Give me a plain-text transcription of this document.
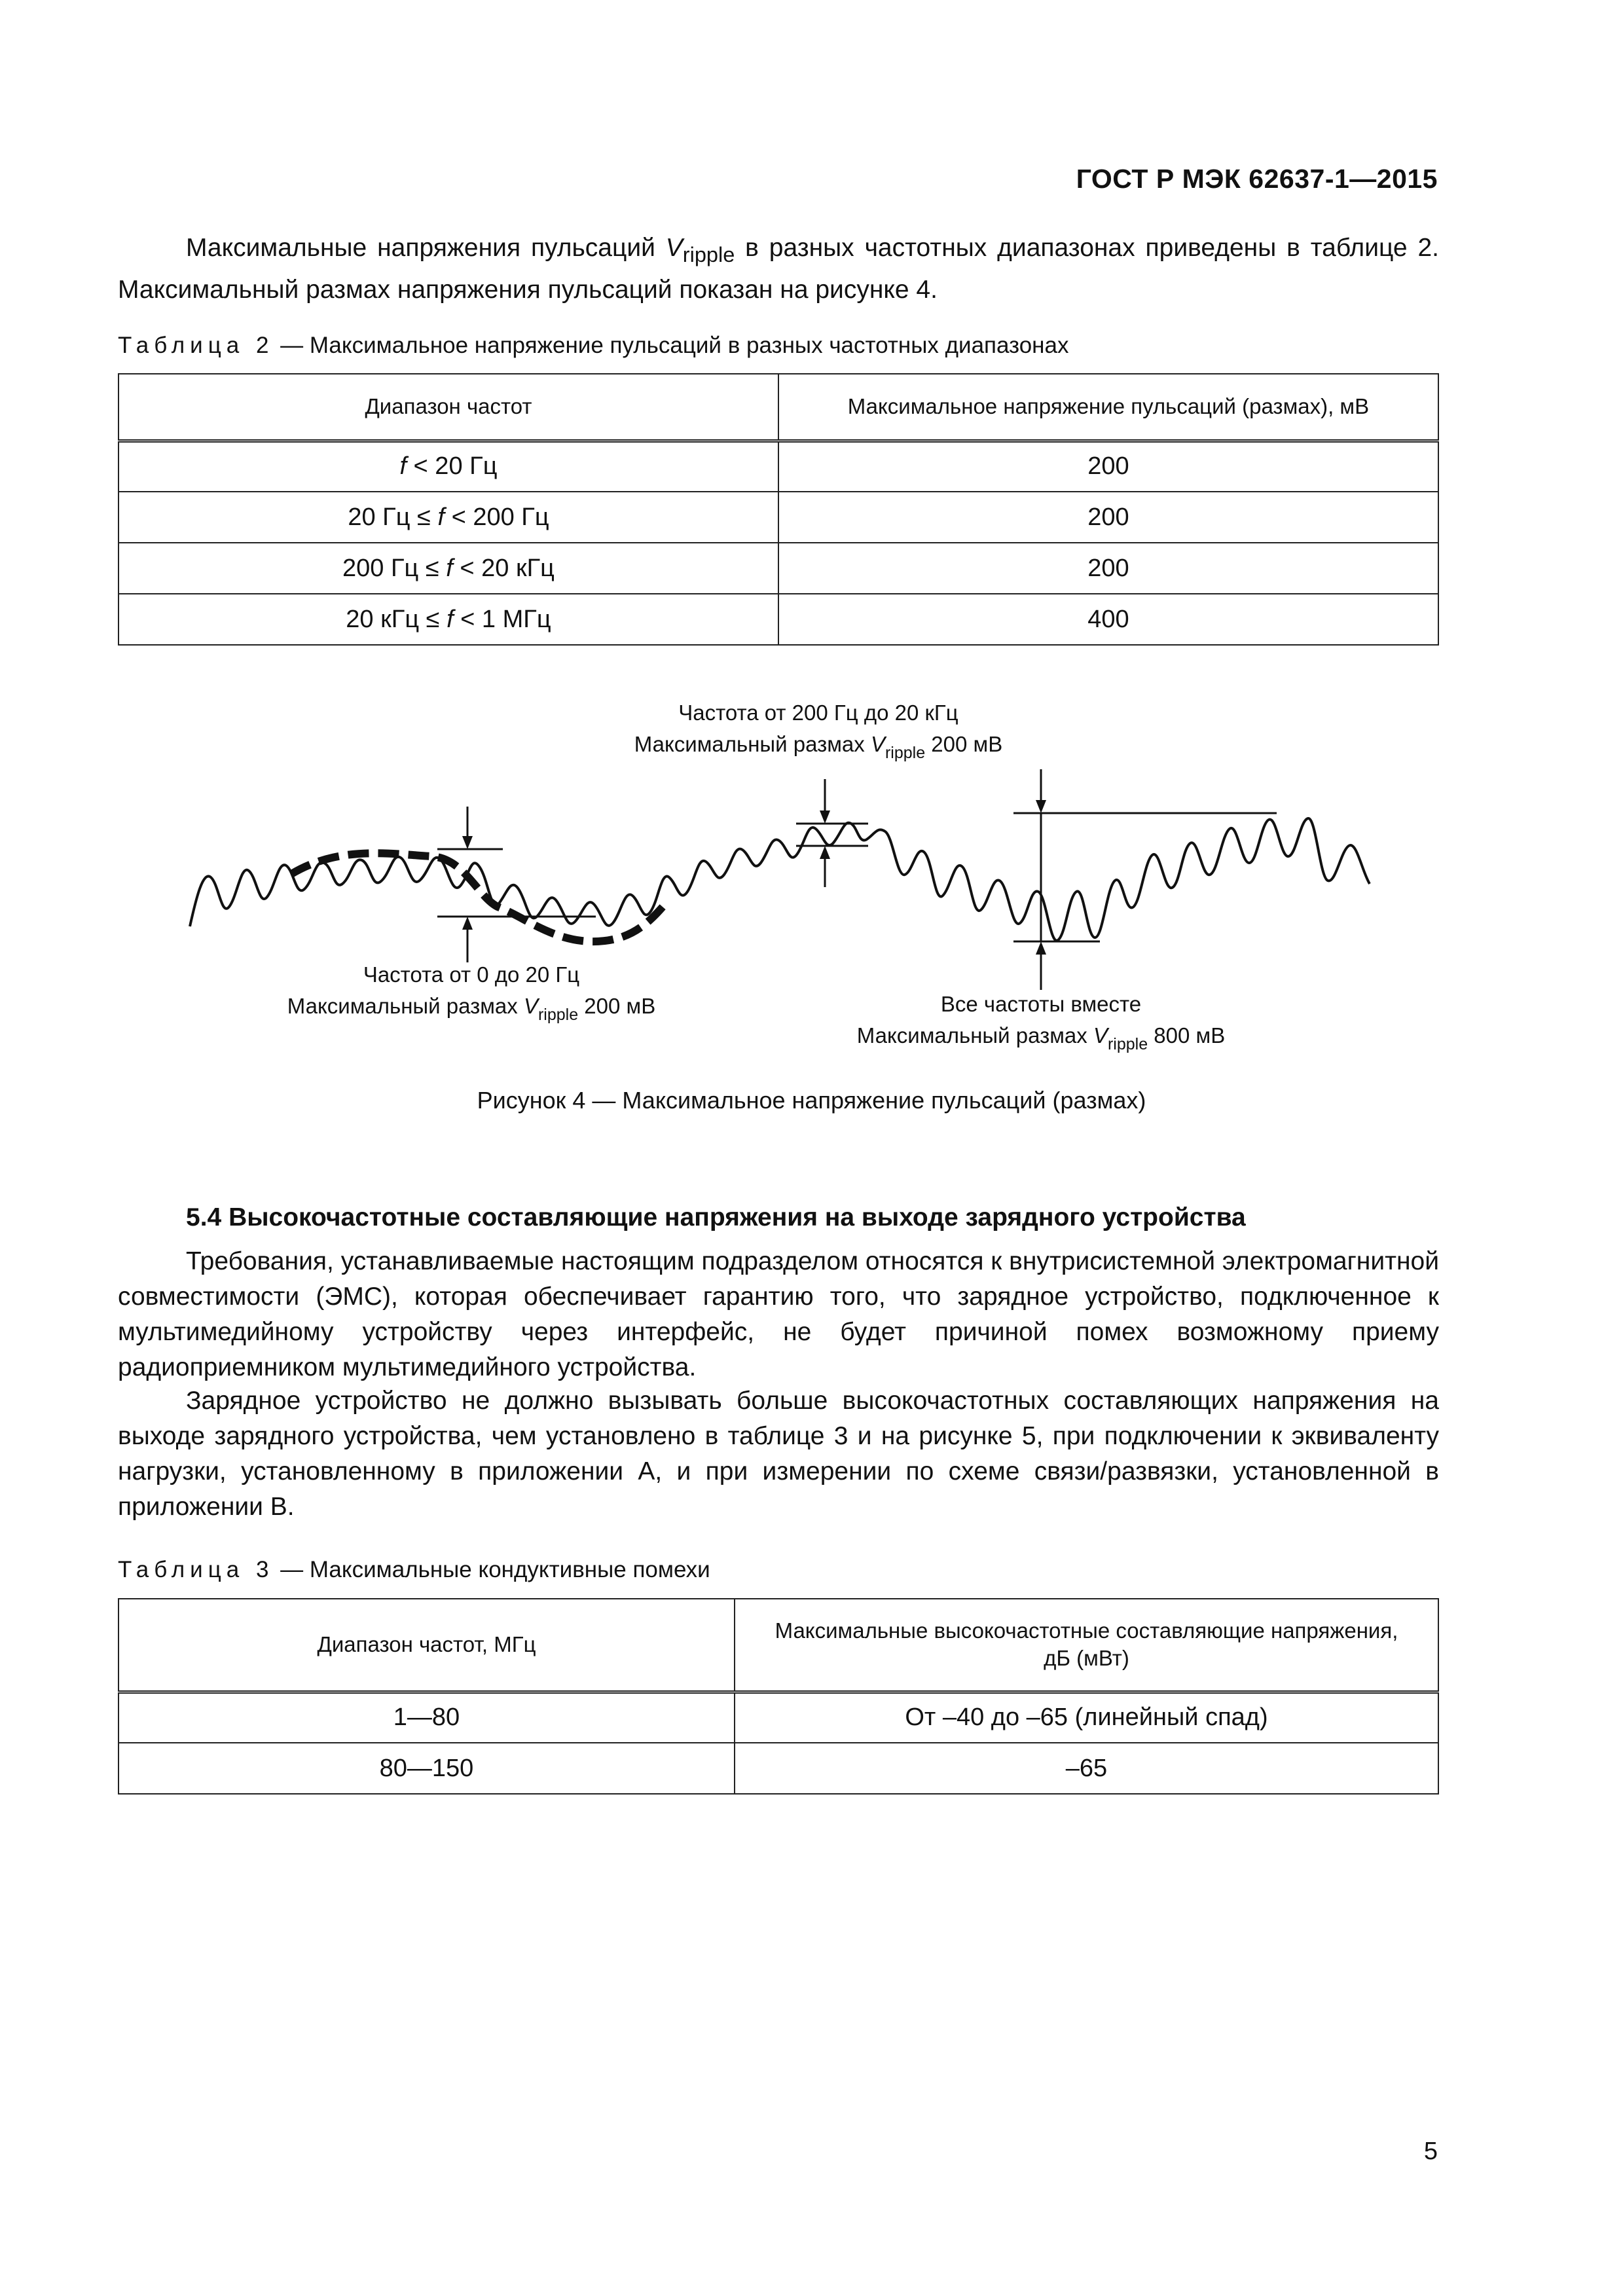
ГОСТ Р МЭК 62637-1—2015
Максимальные напряжения пульсаций $V_{ripple}$ в разных частотных диапазонах приведены в таблице 2. Максимальный размах напряжения пульсаций показан на рисунке 4.
Таблица 2 — Максимальное напряжение пульсаций в разных частотных диапазонах
Диапазон частот	Максимальное напряжение пульсаций (размах), мВ
f < 20 Гц	200
20 Гц ≤ f < 200 Гц	200
200 Гц ≤ f < 20 кГц	200
20 кГц ≤ f < 1 МГц	400
Частота от 200 Гц до 20 кГц
Максимальный размах $V_{ripple}$ 200 мВ
Частота от 0 до 20 Гц
Максимальный размах $V_{ripple}$ 200 мВ	Все частоты вместе
Максимальный размах $V_{ripple}$ 800 мВ
Рисунок 4 — Максимальное напряжение пульсаций (размах)
5.4 Высокочастотные составляющие напряжения на выходе зарядного устройства
Требования, устанавливаемые настоящим подразделом относятся к внутрисистемной электромагнитной совместимости (ЭМС), которая обеспечивает гарантию того, что зарядное устройство, подключенное к мультимедийному устройству через интерфейс, не будет причиной помех возможному приему радиоприемником мультимедийного устройства.
Зарядное устройство не должно вызывать больше высокочастотных составляющих напряжения на выходе зарядного устройства, чем установлено в таблице 3 и на рисунке 5, при подключении к эквиваленту нагрузки, установленному в приложении А, и при измерении по схеме связи/развязки, установленной в приложении В.
Таблица 3 — Максимальные кондуктивные помехи
Диапазон частот, МГц	Максимальные высокочастотные составляющие напряжения, дБ (мВт)
1—80	От –40 до –65 (линейный спад)
80—150	–65
5
